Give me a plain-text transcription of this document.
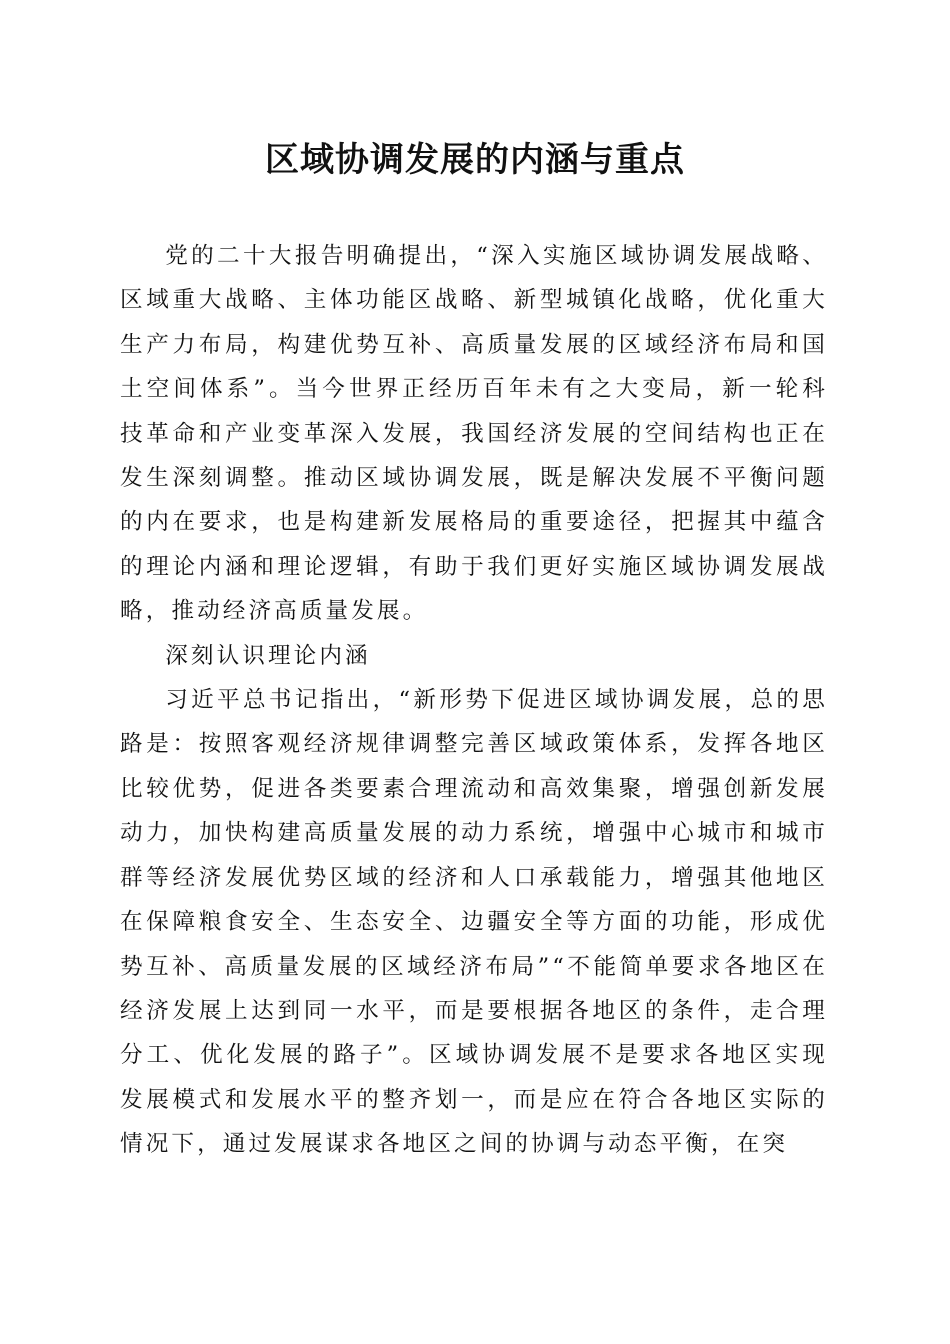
区域协调发展的内涵与重点

党的二十大报告明确提出，“深入实施区域协调发展战略、区域重大战略、主体功能区战略、新型城镇化战略，优化重大生产力布局，构建优势互补、高质量发展的区域经济布局和国土空间体系”。当今世界正经历百年未有之大变局，新一轮科技革命和产业变革深入发展，我国经济发展的空间结构也正在发生深刻调整。推动区域协调发展，既是解决发展不平衡问题的内在要求，也是构建新发展格局的重要途径，把握其中蕴含的理论内涵和理论逻辑，有助于我们更好实施区域协调发展战略，推动经济高质量发展。

深刻认识理论内涵

习近平总书记指出，“新形势下促进区域协调发展，总的思路是：按照客观经济规律调整完善区域政策体系，发挥各地区比较优势，促进各类要素合理流动和高效集聚，增强创新发展动力，加快构建高质量发展的动力系统，增强中心城市和城市群等经济发展优势区域的经济和人口承载能力，增强其他地区在保障粮食安全、生态安全、边疆安全等方面的功能，形成优势互补、高质量发展的区域经济布局”“不能简单要求各地区在经济发展上达到同一水平，而是要根据各地区的条件，走合理分工、优化发展的路子”。区域协调发展不是要求各地区实现发展模式和发展水平的整齐划一，而是应在符合各地区实际的情况下，通过发展谋求各地区之间的协调与动态平衡，在突
